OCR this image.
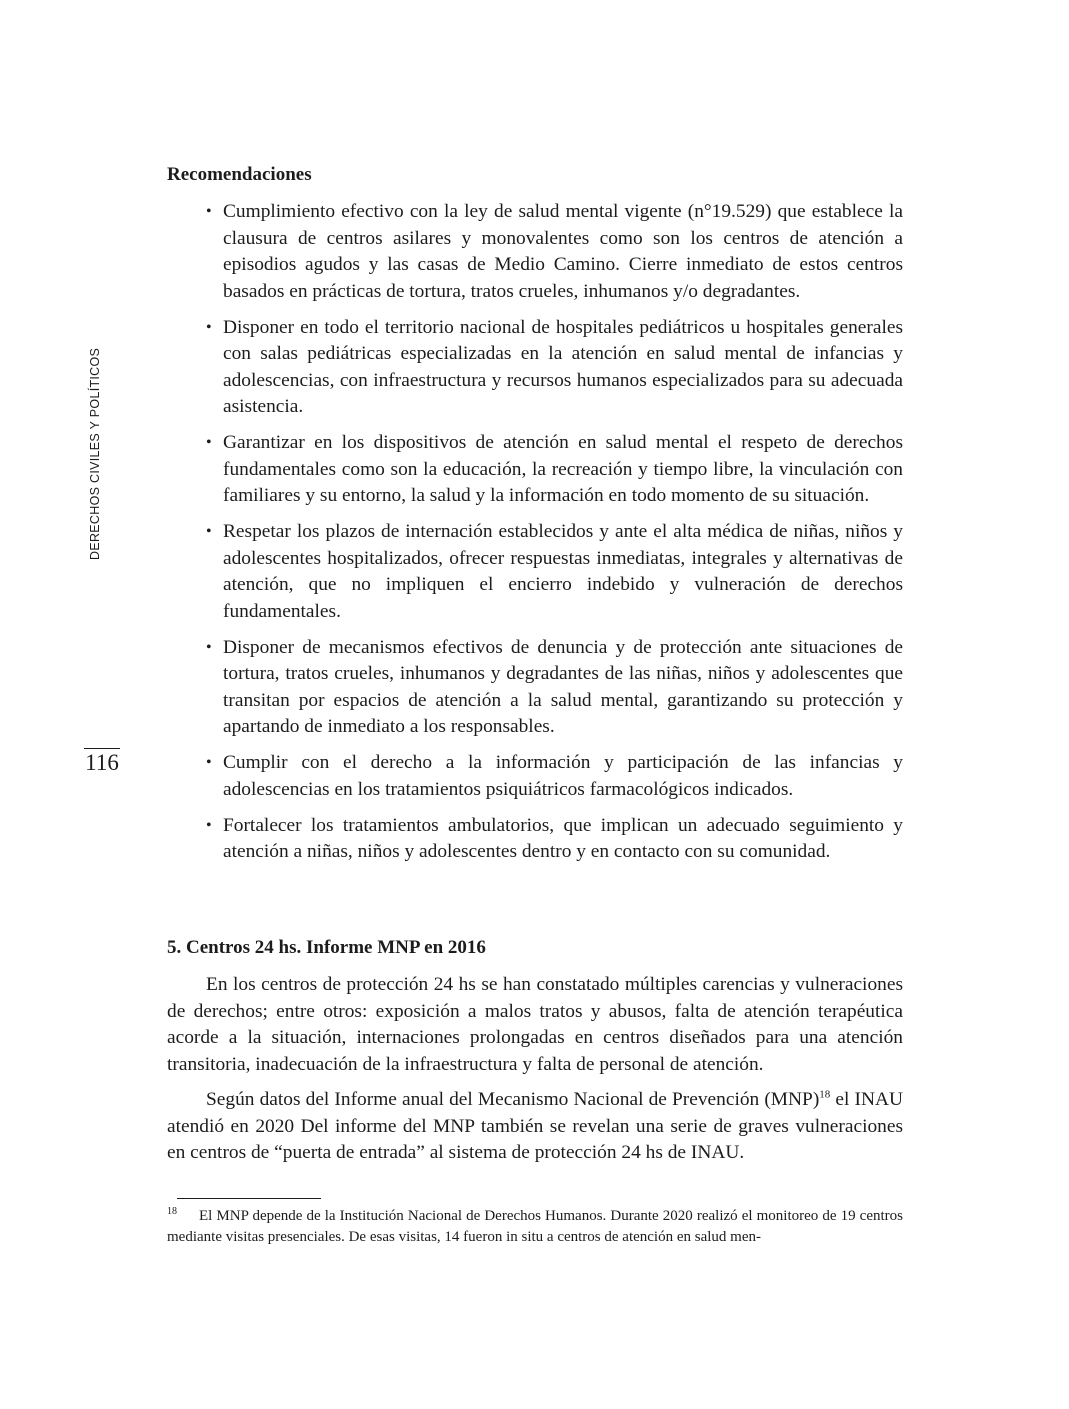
DERECHOS CIVILES Y POLÍTICOS
116
Recomendaciones
• Cumplimiento efectivo con la ley de salud mental vigente (n°19.529) que establece la clausura de centros asilares y monovalentes como son los centros de atención a episodios agudos y las casas de Medio Camino. Cierre inmediato de estos centros basados en prácticas de tortura, tratos crueles, inhumanos y/o degradantes.
• Disponer en todo el territorio nacional de hospitales pediátricos u hospitales generales con salas pediátricas especializadas en la atención en salud mental de infancias y adolescencias, con infraestructura y recursos humanos especializados para su adecuada asistencia.
• Garantizar en los dispositivos de atención en salud mental el respeto de derechos fundamentales como son la educación, la recreación y tiempo libre, la vinculación con familiares y su entorno, la salud y la información en todo momento de su situación.
• Respetar los plazos de internación establecidos y ante el alta médica de niñas, niños y adolescentes hospitalizados, ofrecer respuestas inmediatas, integrales y alternativas de atención, que no impliquen el encierro indebido y vulneración de derechos fundamentales.
• Disponer de mecanismos efectivos de denuncia y de protección ante situaciones de tortura, tratos crueles, inhumanos y degradantes de las niñas, niños y adolescentes que transitan por espacios de atención a la salud mental, garantizando su protección y apartando de inmediato a los responsables.
• Cumplir con el derecho a la información y participación de las infancias y adolescencias en los tratamientos psiquiátricos farmacológicos indicados.
• Fortalecer los tratamientos ambulatorios, que implican un adecuado seguimiento y atención a niñas, niños y adolescentes dentro y en contacto con su comunidad.
5. Centros 24 hs. Informe MNP en 2016

En los centros de protección 24 hs se han constatado múltiples carencias y vulneraciones de derechos; entre otros: exposición a malos tratos y abusos, falta de atención terapéutica acorde a la situación, internaciones prolongadas en centros diseñados para una atención transitoria, inadecuación de la infraestructura y falta de personal de atención.

Según datos del Informe anual del Mecanismo Nacional de Prevención (MNP)$^{18}$ el INAU atendió en 2020 Del informe del MNP también se revelan una serie de graves vulneraciones en centros de “puerta de entrada” al sistema de protección 24 hs de INAU.

$^{18}$ El MNP depende de la Institución Nacional de Derechos Humanos. Durante 2020 realizó el monitoreo de 19 centros mediante visitas presenciales. De esas visitas, 14 fueron in situ a centros de atención en salud men-
